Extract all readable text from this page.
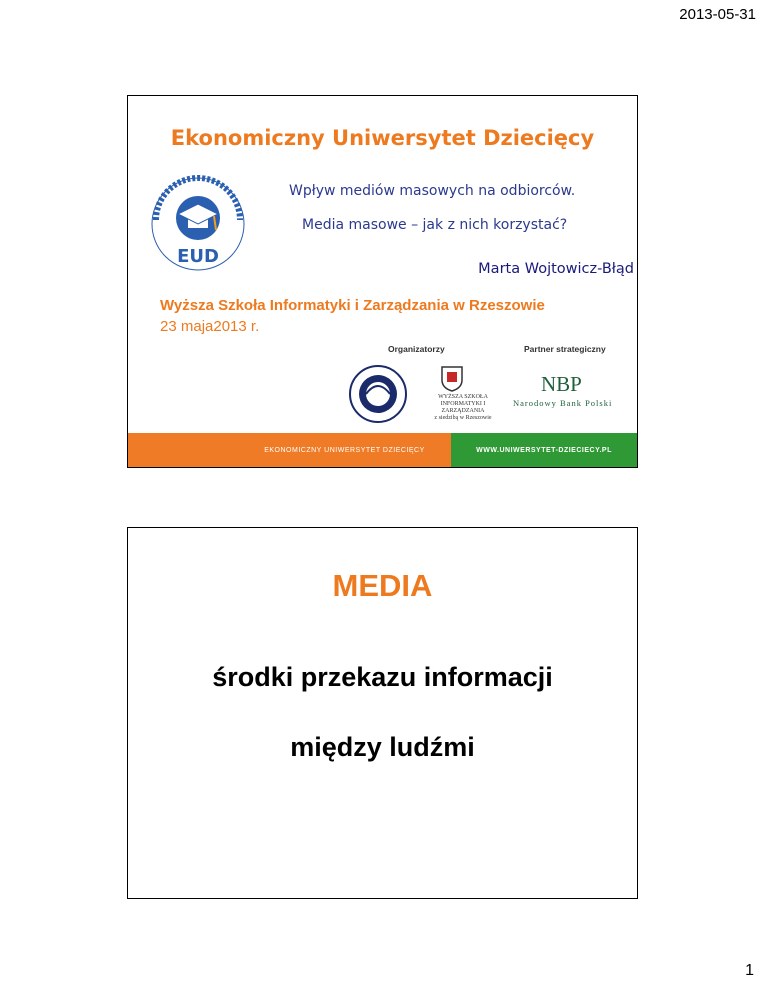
2013-05-31
Ekonomiczny Uniwersytet Dziecięcy
EUD
Wpływ mediów masowych na odbiorców.
Media masowe – jak z nich korzystać?
Marta Wojtowicz-Błąd
Wyższa Szkoła Informatyki i Zarządzania w Rzeszowie
23 maja2013 r.
Organizatorzy	Partner strategiczny
WYŻSZA SZKOŁA
INFORMATYKI I ZARZĄDZANIA
z siedzibą w Rzeszowie
NBP
Narodowy Bank Polski
EKONOMICZNY UNIWERSYTET DZIECIĘCY	WWW.UNIWERSYTET-DZIECIECY.PL
MEDIA
środki przekazu informacji
między ludźmi
1
